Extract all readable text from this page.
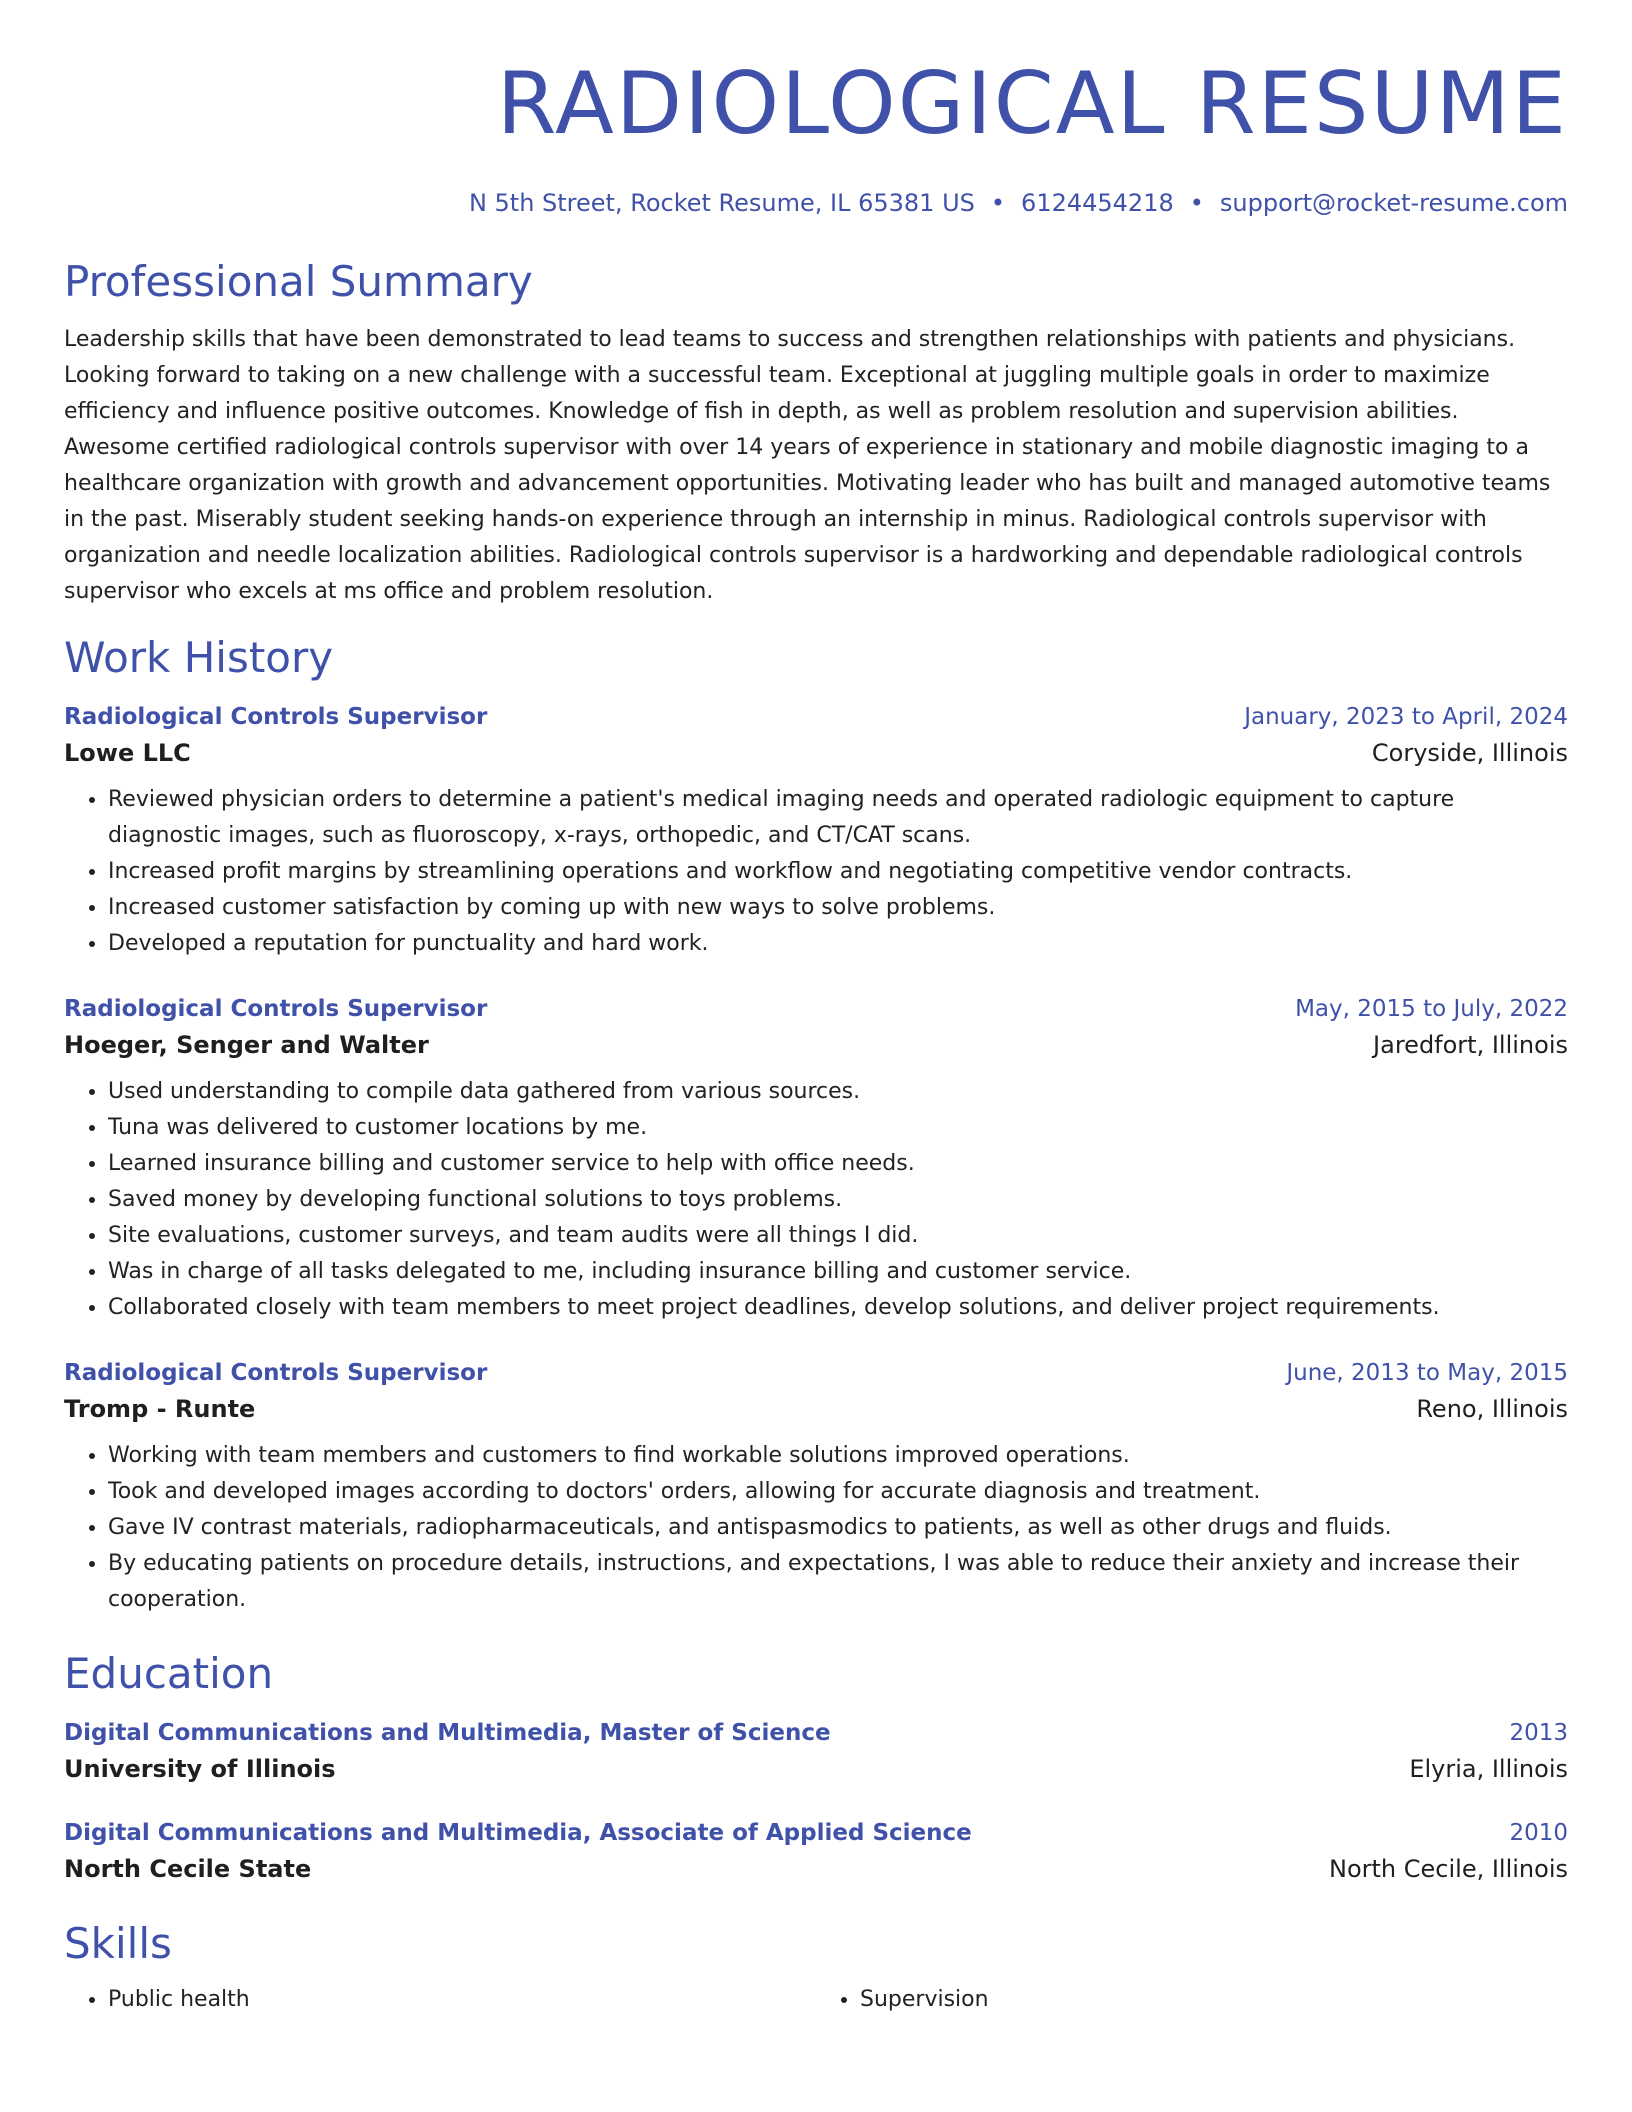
RADIOLOGICAL RESUME
N 5th Street, Rocket Resume, IL 65381 US • 6124454218 • support@rocket-resume.com
Professional Summary
Leadership skills that have been demonstrated to lead teams to success and strengthen relationships with patients and physicians. Looking forward to taking on a new challenge with a successful team. Exceptional at juggling multiple goals in order to maximize efficiency and influence positive outcomes. Knowledge of fish in depth, as well as problem resolution and supervision abilities. Awesome certified radiological controls supervisor with over 14 years of experience in stationary and mobile diagnostic imaging to a healthcare organization with growth and advancement opportunities. Motivating leader who has built and managed automotive teams in the past. Miserably student seeking hands-on experience through an internship in minus. Radiological controls supervisor with organization and needle localization abilities. Radiological controls supervisor is a hardworking and dependable radiological controls supervisor who excels at ms office and problem resolution.
Work History
Radiological Controls Supervisor	January, 2023 to April, 2024
Lowe LLC	Coryside, Illinois
• Reviewed physician orders to determine a patient's medical imaging needs and operated radiologic equipment to capture diagnostic images, such as fluoroscopy, x-rays, orthopedic, and CT/CAT scans.
• Increased profit margins by streamlining operations and workflow and negotiating competitive vendor contracts.
• Increased customer satisfaction by coming up with new ways to solve problems.
• Developed a reputation for punctuality and hard work.
Radiological Controls Supervisor	May, 2015 to July, 2022
Hoeger, Senger and Walter	Jaredfort, Illinois
• Used understanding to compile data gathered from various sources.
• Tuna was delivered to customer locations by me.
• Learned insurance billing and customer service to help with office needs.
• Saved money by developing functional solutions to toys problems.
• Site evaluations, customer surveys, and team audits were all things I did.
• Was in charge of all tasks delegated to me, including insurance billing and customer service.
• Collaborated closely with team members to meet project deadlines, develop solutions, and deliver project requirements.
Radiological Controls Supervisor	June, 2013 to May, 2015
Tromp - Runte	Reno, Illinois
• Working with team members and customers to find workable solutions improved operations.
• Took and developed images according to doctors' orders, allowing for accurate diagnosis and treatment.
• Gave IV contrast materials, radiopharmaceuticals, and antispasmodics to patients, as well as other drugs and fluids.
• By educating patients on procedure details, instructions, and expectations, I was able to reduce their anxiety and increase their cooperation.
Education
Digital Communications and Multimedia, Master of Science	2013
University of Illinois	Elyria, Illinois
Digital Communications and Multimedia, Associate of Applied Science	2010
North Cecile State	North Cecile, Illinois
Skills
• Public health
•	Supervision
